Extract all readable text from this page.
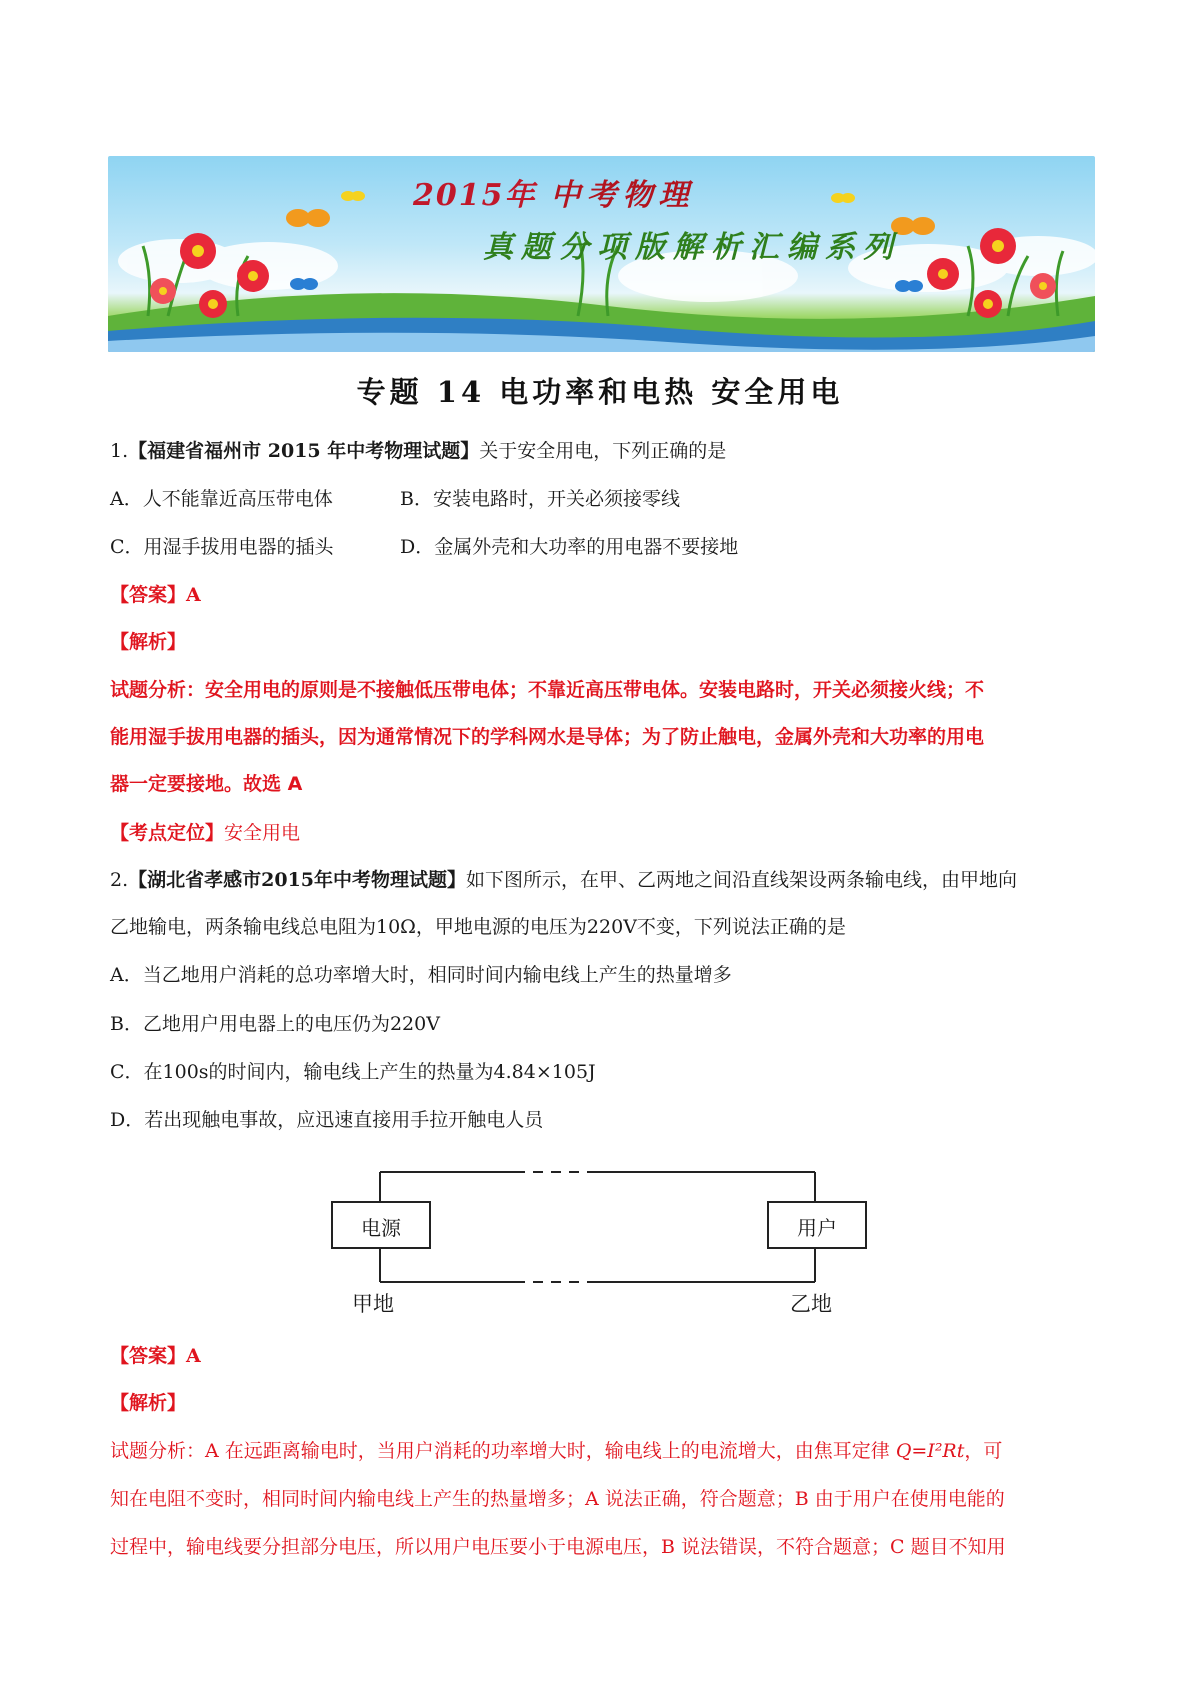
2015年 中考物理
真题分项版解析汇编系列
专题 14 电功率和电热 安全用电
1.【福建省福州市 2015 年中考物理试题】关于安全用电，下列正确的是
A．人不能靠近高压带电体	B．安装电路时，开关必须接零线
C．用湿手拔用电器的插头	D．金属外壳和大功率的用电器不要接地
【答案】A
【解析】
试题分析：安全用电的原则是不接触低压带电体；不靠近高压带电体。安装电路时，开关必须接火线；不
能用湿手拔用电器的插头，因为通常情况下的学科网水是导体；为了防止触电，金属外壳和大功率的用电
器一定要接地。故选 A
【考点定位】安全用电
2.【湖北省孝感市2015年中考物理试题】如下图所示，在甲、乙两地之间沿直线架设两条输电线，由甲地向
乙地输电，两条输电线总电阻为10Ω，甲地电源的电压为220V不变，下列说法正确的是
A．当乙地用户消耗的总功率增大时，相同时间内输电线上产生的热量增多
B．乙地用户用电器上的电压仍为220V
C．在100s的时间内，输电线上产生的热量为4.84×105J
D．若出现触电事故，应迅速直接用手拉开触电人员
电源	用户
甲地	乙地
【答案】A
【解析】
试题分析：A 在远距离输电时，当用户消耗的功率增大时，输电线上的电流增大，由焦耳定律 Q=I²Rt，可
知在电阻不变时，相同时间内输电线上产生的热量增多；A 说法正确，符合题意；B 由于用户在使用电能的
过程中，输电线要分担部分电压，所以用户电压要小于电源电压，B 说法错误，不符合题意；C 题目不知用
